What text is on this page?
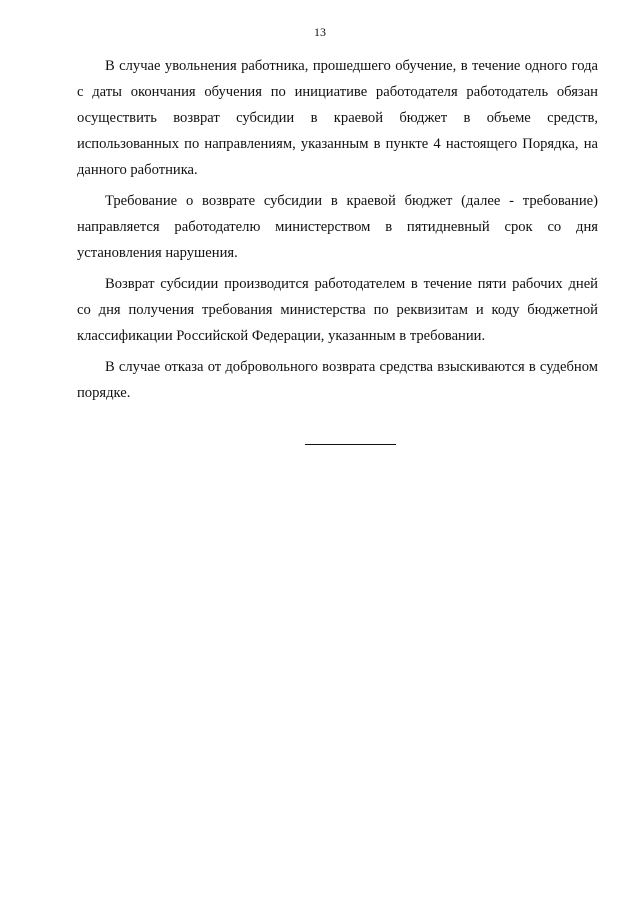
13

В случае увольнения работника, прошедшего обучение, в течение одного года с даты окончания обучения по инициативе работодателя работодатель обязан осуществить возврат субсидии в краевой бюджет в объеме средств, использованных по направлениям, указанным в пункте 4 настоящего Порядка, на данного работника.

Требование о возврате субсидии в краевой бюджет (далее - требование) направляется работодателю министерством в пятидневный срок со дня установления нарушения.

Возврат субсидии производится работодателем в течение пяти рабочих дней со дня получения требования министерства по реквизитам и коду бюджетной классификации Российской Федерации, указанным в требовании.

В случае отказа от добровольного возврата средства взыскиваются в судебном порядке.
